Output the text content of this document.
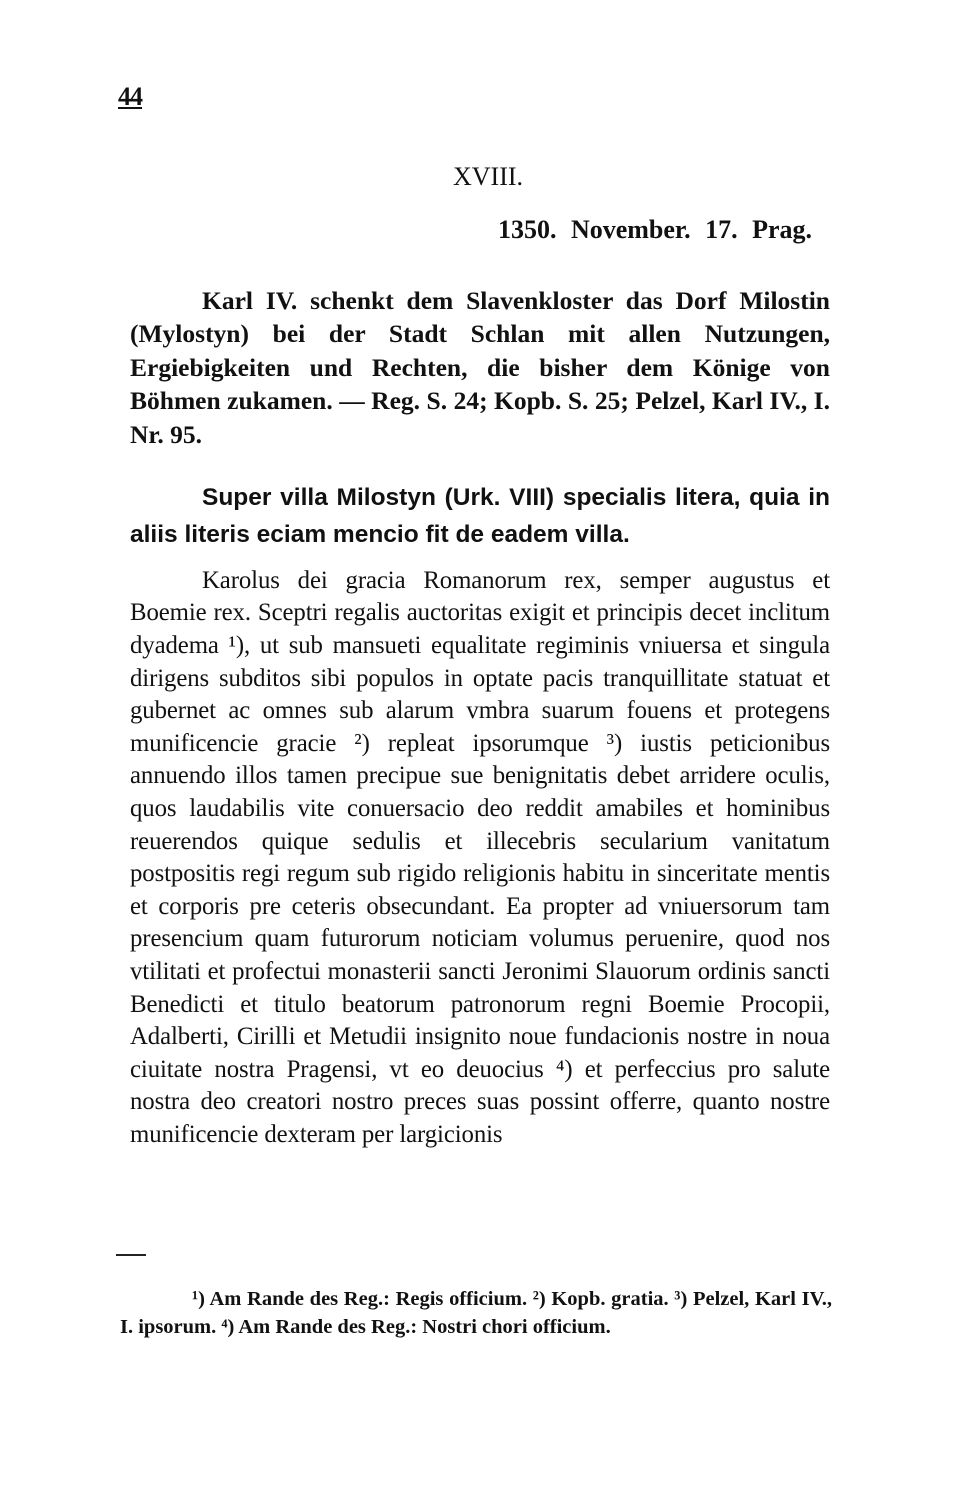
44
XVIII.
1350. November. 17. Prag.

Karl IV. schenkt dem Slavenkloster das Dorf Milostin (Mylostyn) bei der Stadt Schlan mit allen Nutzungen, Ergiebigkeiten und Rechten, die bisher dem Könige von Böhmen zukamen. — Reg. S. 24; Kopb. S. 25; Pelzel, Karl IV., I. Nr. 95.

Super villa Milostyn (Urk. VIII) specialis litera, quia in aliis literis eciam mencio fit de eadem villa.

Karolus dei gracia Romanorum rex, semper augustus et Boemie rex. Sceptri regalis auctoritas exigit et principis decet inclitum dyadema ¹), ut sub mansueti equalitate regiminis vniuersa et singula dirigens subditos sibi populos in optate pacis tranquillitate statuat et gubernet ac omnes sub alarum vmbra suarum fouens et protegens munificencie gracie ²) repleat ipsorumque ³) iustis peticionibus annuendo illos tamen precipue sue benignitatis debet arridere oculis, quos laudabilis vite conuersacio deo reddit amabiles et hominibus reuerendos quique sedulis et illecebris secularium vanitatum postpositis regi regum sub rigido religionis habitu in sinceritate mentis et corporis pre ceteris obsecundant. Ea propter ad vniuersorum tam presencium quam futurorum noticiam volumus peruenire, quod nos vtilitati et profectui monasterii sancti Jeronimi Slauorum ordinis sancti Benedicti et titulo beatorum patronorum regni Boemie Procopii, Adalberti, Cirilli et Metudii insignito noue fundacionis nostre in noua ciuitate nostra Pragensi, vt eo deuocius ⁴) et perfeccius pro salute nostra deo creatori nostro preces suas possint offerre, quanto nostre munificencie dexteram per largicionis

¹) Am Rande des Reg.: Regis officium. ²) Kopb. gratia. ³) Pelzel, Karl IV., I. ipsorum. ⁴) Am Rande des Reg.: Nostri chori officium.
